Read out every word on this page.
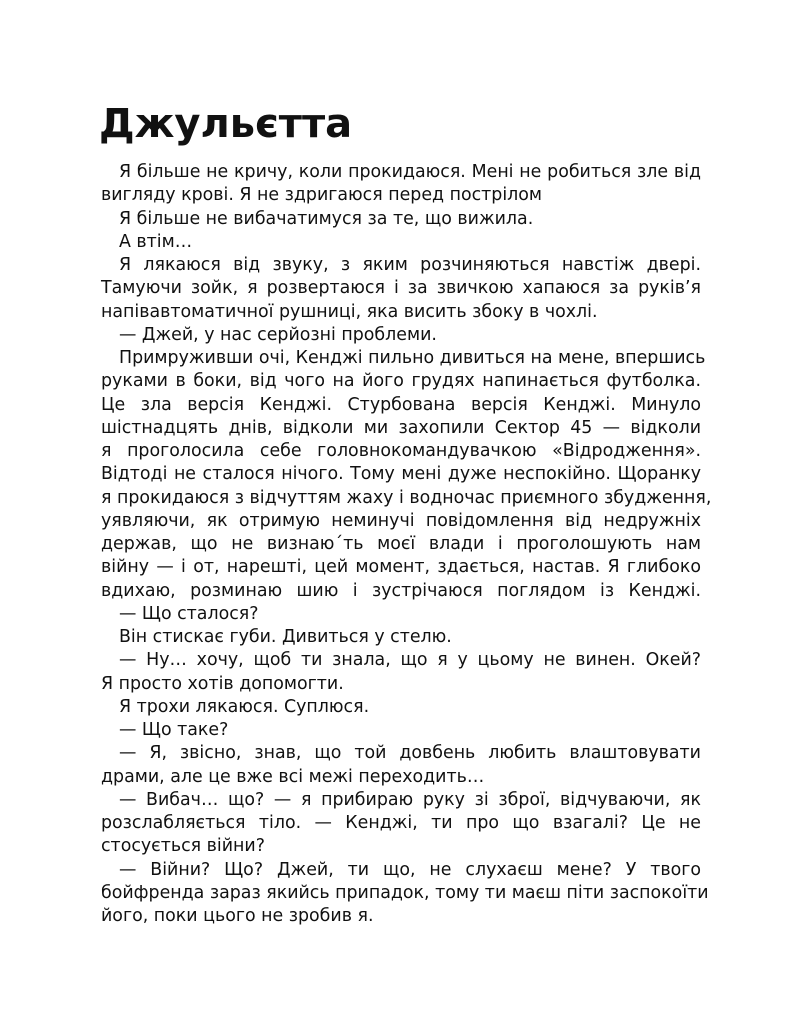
Джульєтта
Я більше не кричу, коли прокидаюся. Мені не робиться зле від
вигляду крові. Я не здригаюся перед пострілом
Я більше не вибачатимуся за те, що вижила.
А втім…
Я лякаюся від звуку, з яким розчиняються навстіж двері.
Тамуючи зойк, я розвертаюся і за звичкою хапаюся за руків’я
напівавтоматичної рушниці, яка висить збоку в чохлі.
— Джей, у нас серйозні проблеми.
Примруживши очі, Кенджі пильно дивиться на мене, впершись
руками в боки, від чого на його грудях напинається футболка.
Це зла версія Кенджі. Стурбована версія Кенджі. Минуло
шістнадцять днів, відколи ми захопили Сектор 45 — відколи
я проголосила себе головнокомандувачкою «Відродження».
Відтоді не сталося нічого. Тому мені дуже неспокійно. Щоранку
я прокидаюся з відчуттям жаху і водночас приємного збудження,
уявляючи, як отримую неминучі повідомлення від недружніх
держав, що не визнаю´ть моєї влади і проголошують нам
війну — і от, нарешті, цей момент, здається, настав. Я глибоко
вдихаю, розминаю шию і зустрічаюся поглядом із Кенджі.
— Що сталося?
Він стискає губи. Дивиться у стелю.
— Ну… хочу, щоб ти знала, що я у цьому не винен. Окей?
Я просто хотів допомогти.
Я трохи лякаюся. Суплюся.
— Що таке?
— Я, звісно, знав, що той довбень любить влаштовувати
драми, але це вже всі межі переходить…
— Вибач… що? — я прибираю руку зі зброї, відчуваючи, як
розслабляється тіло. — Кенджі, ти про що взагалі? Це не
стосується війни?
— Війни? Що? Джей, ти що, не слухаєш мене? У твого
бойфренда зараз якийсь припадок, тому ти маєш піти заспокоїти
його, поки цього не зробив я.
